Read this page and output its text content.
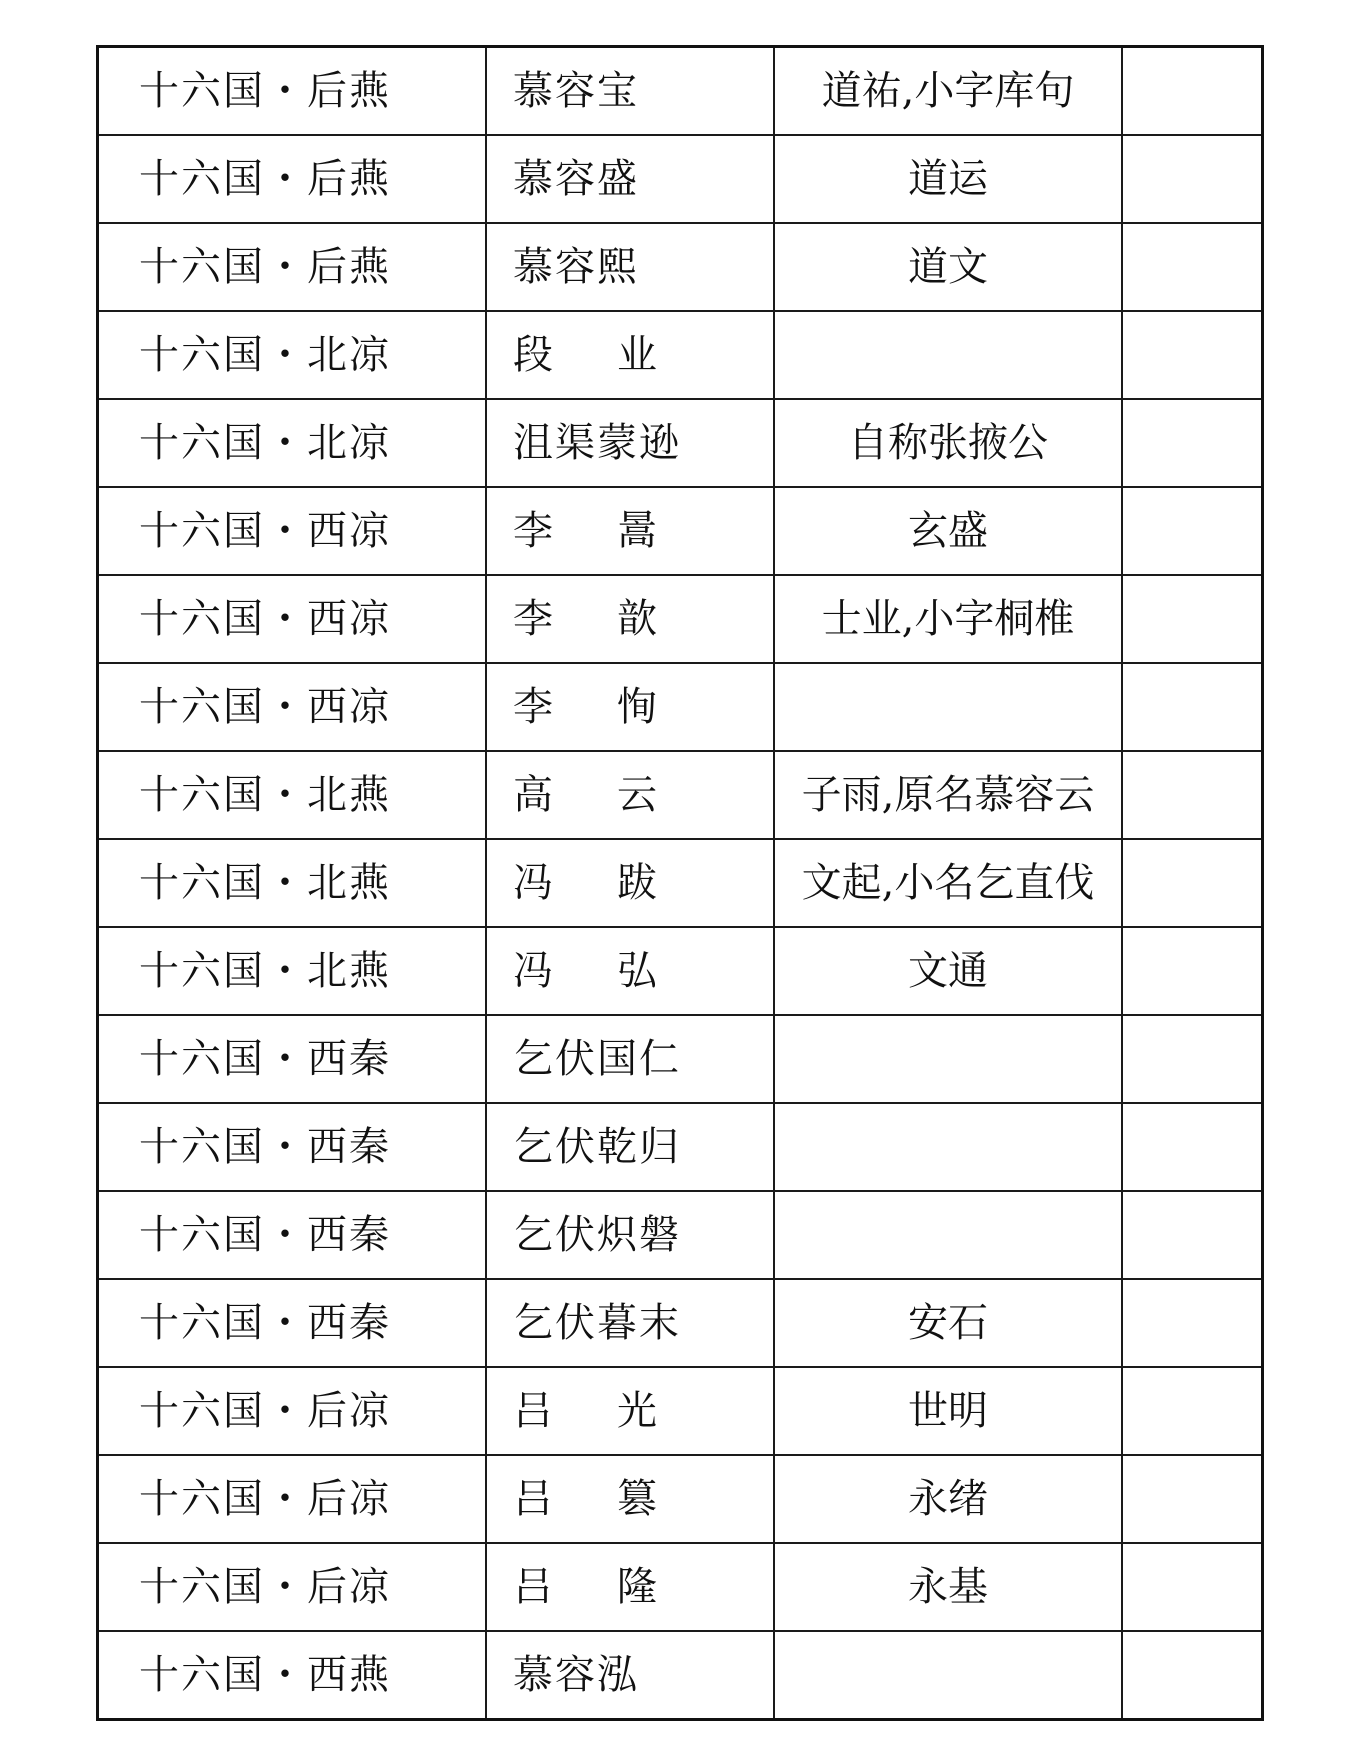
十六国・后燕	慕容宝	道祐,小字库句	
十六国・后燕	慕容盛	道运	
十六国・后燕	慕容熙	道文	
十六国・北凉	段业		
十六国・北凉	沮渠蒙逊	自称张掖公	
十六国・西凉	李暠	玄盛	
十六国・西凉	李歆	士业,小字桐椎	
十六国・西凉	李恂		
十六国・北燕	高云	子雨,原名慕容云	
十六国・北燕	冯跋	文起,小名乞直伐	
十六国・北燕	冯弘	文通	
十六国・西秦	乞伏国仁		
十六国・西秦	乞伏乾归		
十六国・西秦	乞伏炽磐		
十六国・西秦	乞伏暮末	安石	
十六国・后凉	吕光	世明	
十六国・后凉	吕篡	永绪	
十六国・后凉	吕隆	永基	
十六国・西燕	慕容泓		
